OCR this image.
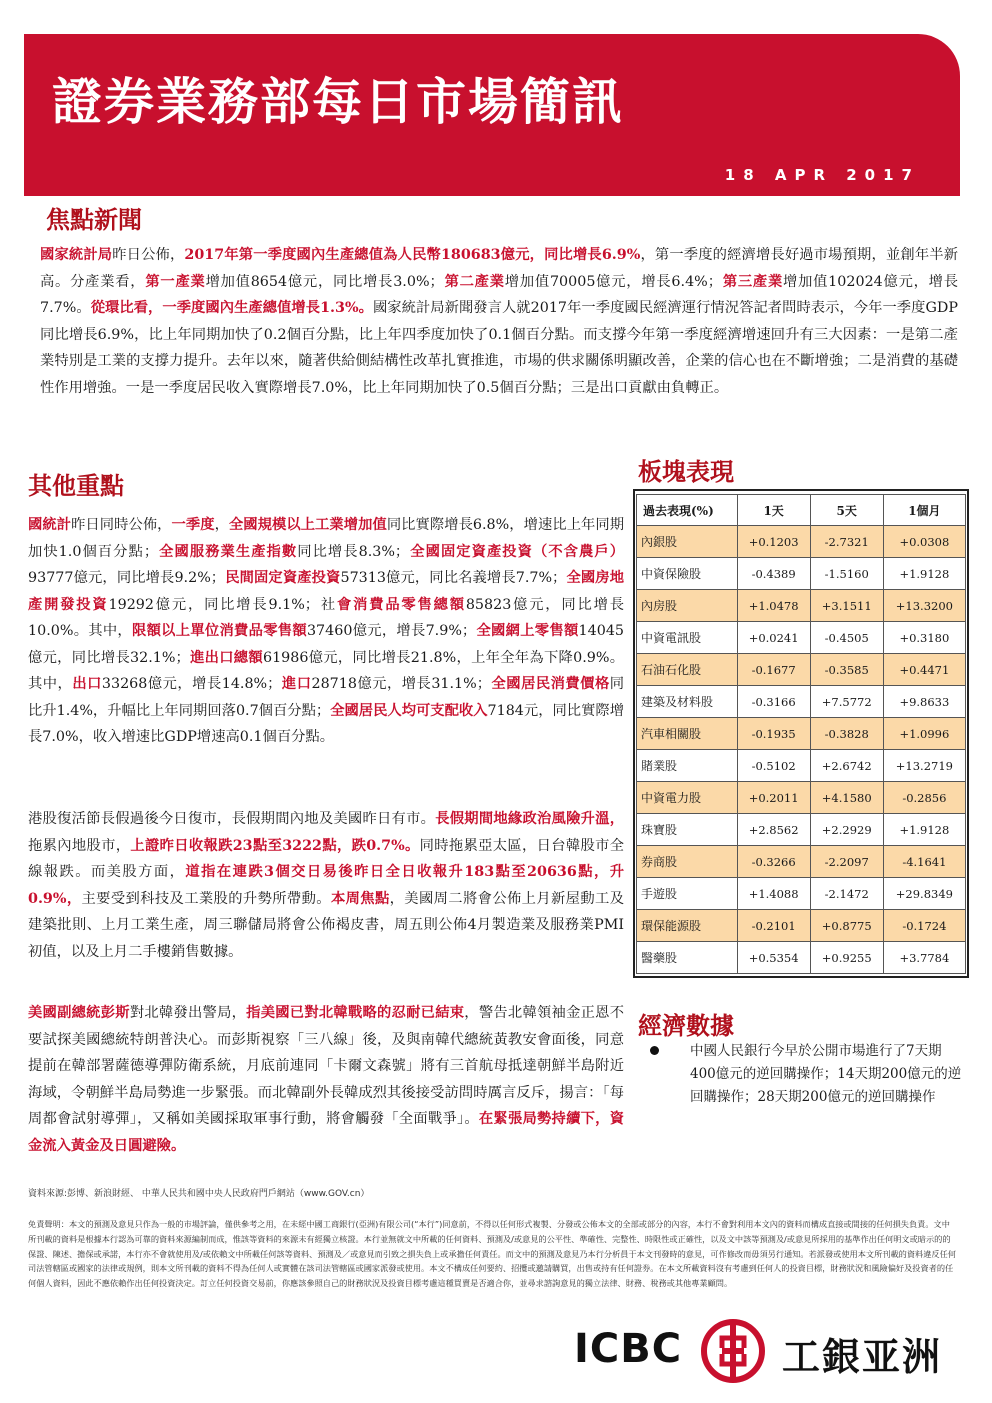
證券業務部每日市場簡訊
18 APR 2017
焦點新聞

國家統計局昨日公佈，2017年第一季度國內生產總值為人民幣180683億元，同比增長6.9%，第一季度的經濟增長好過市場預期，並創年半新高。分產業看，第一產業增加值8654億元，同比增長3.0%；第二產業增加值70005億元，增長6.4%；第三產業增加值102024億元，增長7.7%。從環比看，一季度國內生產總值增長1.3%。國家統計局新聞發言人就2017年一季度國民經濟運行情況答記者問時表示，今年一季度GDP同比增長6.9%，比上年同期加快了0.2個百分點，比上年四季度加快了0.1個百分點。而支撐今年第一季度經濟增速回升有三大因素：一是第二產業特別是工業的支撐力提升。去年以來，隨著供給側結構性改革扎實推進，市場的供求關係明顯改善，企業的信心也在不斷增強；二是消費的基礎性作用增強。一是一季度居民收入實際增長7.0%，比上年同期加快了0.5個百分點；三是出口貢獻由負轉正。

其他重點

國統計昨日同時公佈，一季度，全國規模以上工業增加值同比實際增長6.8%，增速比上年同期加快1.0個百分點；全國服務業生產指數同比增長8.3%；全國固定資產投資（不含農戶）93777億元，同比增長9.2%；民間固定資產投資57313億元，同比名義增長7.7%；全國房地產開發投資19292億元，同比增長9.1%；社會消費品零售總額85823億元，同比增長10.0%。其中，限額以上單位消費品零售額37460億元，增長7.9%；全國網上零售額14045億元，同比增長32.1%；進出口總額61986億元，同比增長21.8%，上年全年為下降0.9%。其中，出口33268億元，增長14.8%；進口28718億元，增長31.1%；全國居民消費價格同比升1.4%，升幅比上年同期回落0.7個百分點；全國居民人均可支配收入7184元，同比實際增長7.0%，收入增速比GDP增速高0.1個百分點。

港股復活節長假過後今日復市，長假期間內地及美國昨日有市。長假期間地緣政治風險升溫，拖累內地股市，上證昨日收報跌23點至3222點，跌0.7%。同時拖累亞太區，日台韓股市全線報跌。而美股方面，道指在連跌3個交日易後昨日全日收報升183點至20636點，升0.9%，主要受到科技及工業股的升勢所帶動。本周焦點，美國周二將會公佈上月新屋動工及建築批則、上月工業生產，周三聯儲局將會公佈褐皮書，周五則公佈4月製造業及服務業PMI初值，以及上月二手樓銷售數據。

美國副總統彭斯對北韓發出警局，指美國已對北韓戰略的忍耐已結束，警告北韓領袖金正恩不要試探美國總統特朗普決心。而彭斯視察「三八線」後，及與南韓代總統黃教安會面後，同意提前在韓部署薩德導彈防衛系統，月底前連同「卡爾文森號」將有三首航母抵達朝鮮半島附近海域，令朝鮮半島局勢進一步緊張。而北韓副外長韓成烈其後接受訪問時厲言反斥，揚言：「每周都會試射導彈」，又稱如美國採取軍事行動，將會觸發「全面戰爭」。在緊張局勢持續下，資金流入黃金及日圓避險。

板塊表現
過去表現(%)	1天	5天	1個月
內銀股	+0.1203	-2.7321	+0.0308
中資保險股	-0.4389	-1.5160	+1.9128
內房股	+1.0478	+3.1511	+13.3200
中資電訊股	+0.0241	-0.4505	+0.3180
石油石化股	-0.1677	-0.3585	+0.4471
建築及材料股	-0.3166	+7.5772	+9.8633
汽車相關股	-0.1935	-0.3828	+1.0996
賭業股	-0.5102	+2.6742	+13.2719
中資電力股	+0.2011	+4.1580	-0.2856
珠寶股	+2.8562	+2.2929	+1.9128
券商股	-0.3266	-2.2097	-4.1641
手遊股	+1.4088	-2.1472	+29.8349
環保能源股	-0.2101	+0.8775	-0.1724
醫藥股	+0.5354	+0.9255	+3.7784
經濟數據

中國人民銀行今早於公開市場進行了7天期400億元的逆回購操作；14天期200億元的逆回購操作；28天期200億元的逆回購操作

資料來源:彭博、新浪財經、 中華人民共和國中央人民政府門戶網站（www.GOV.cn）

免責聲明：本文的預測及意見只作為一般的市場評論，僅供參考之用，在未經中國工商銀行(亞洲)有限公司(“本行”)同意前，不得以任何形式複製、分發或公佈本文的全部或部分的內容，本行不會對利用本文內的資料而構成直接或間接的任何損失負責。文中所刊載的資料是根據本行認為可靠的資料來源編制而成，惟該等資料的來源未有經獨立核證。本行並無就文中所載的任何資料、預測及/或意見的公平性、準確性、完整性、時限性或正確性，以及文中該等預測及/或意見所採用的基準作出任何明文或暗示的的保證、陳述、擔保或承諾，本行亦不會就使用及/或依賴文中所載任何該等資料、預測及／或意見而引致之損失負上或承擔任何責任。而文中的預測及意見乃本行分析員于本文刊發時的意見，可作修改而毋須另行通知。若派發或使用本文所刊載的資料違反任何司法管轄區或國家的法律或規例，則本文所刊載的資料不得為任何人或實體在該司法管轄區或國家派發或使用。本文不構成任何要約、招攬或邀請購買，出售或持有任何證券。在本文所載資料沒有考慮到任何人的投資目標，財務狀況和風險偏好及投資者的任何個人資料，因此不應依賴作出任何投資決定。訂立任何投資交易前，你應該參照自己的財務狀況及投資目標考慮這種買賣是否適合你，並尋求諮詢意見的獨立法律、財務、稅務或其他專業顧問。

ICBC	工銀亚洲
